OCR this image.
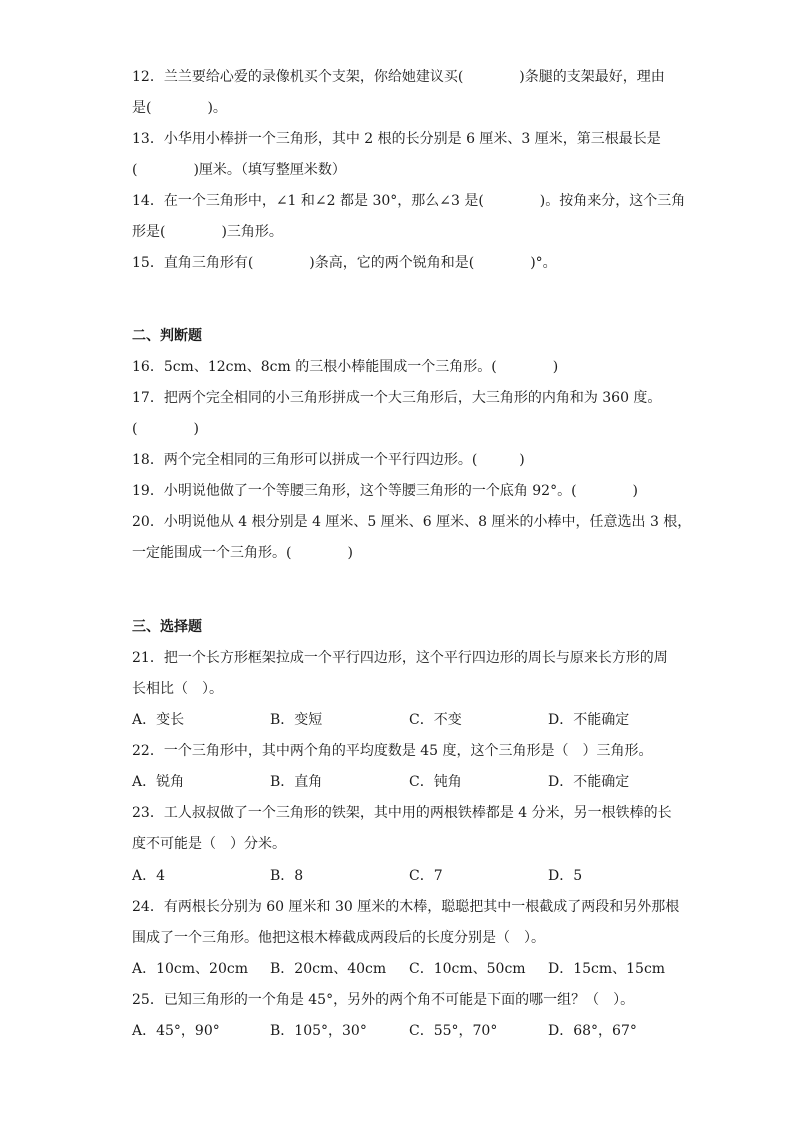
12．兰兰要给心爱的录像机买个支架，你给她建议买(　　　　)条腿的支架最好，理由
是(　　　　)。
13．小华用小棒拼一个三角形，其中 2 根的长分别是 6 厘米、3 厘米，第三根最长是
(　　　　)厘米。（填写整厘米数）
14．在一个三角形中，∠1 和∠2 都是 30°，那么∠3 是(　　　　)。按角来分，这个三角
形是(　　　　)三角形。
15．直角三角形有(　　　　)条高，它的两个锐角和是(　　　　)°。
二、判断题
16．5cm、12cm、8cm 的三根小棒能围成一个三角形。(　　　　)
17．把两个完全相同的小三角形拼成一个大三角形后，大三角形的内角和为 360 度。
(　　　　)
18．两个完全相同的三角形可以拼成一个平行四边形。(　　　)
19．小明说他做了一个等腰三角形，这个等腰三角形的一个底角 92°。(　　　　)
20．小明说他从 4 根分别是 4 厘米、5 厘米、6 厘米、8 厘米的小棒中，任意选出 3 根，
一定能围成一个三角形。(　　　　)
三、选择题
21．把一个长方形框架拉成一个平行四边形，这个平行四边形的周长与原来长方形的周
长相比（　）。
A．变长	B．变短	C．不变	D．不能确定
22．一个三角形中，其中两个角的平均度数是 45 度，这个三角形是（　）三角形。
A．锐角	B．直角	C．钝角	D．不能确定
23．工人叔叔做了一个三角形的铁架，其中用的两根铁棒都是 4 分米，另一根铁棒的长
度不可能是（　）分米。
A．4	B．8	C．7	D．5
24．有两根长分别为 60 厘米和 30 厘米的木棒，聪聪把其中一根截成了两段和另外那根
围成了一个三角形。他把这根木棒截成两段后的长度分别是（　）。
A．10cm、20cm B．20cm、40cm C．10cm、50cm D．15cm、15cm
25．已知三角形的一个角是 45°，另外的两个角不可能是下面的哪一组？（　）。
A．45°，90°	B．105°，30°	C．55°，70°	D．68°，67°
